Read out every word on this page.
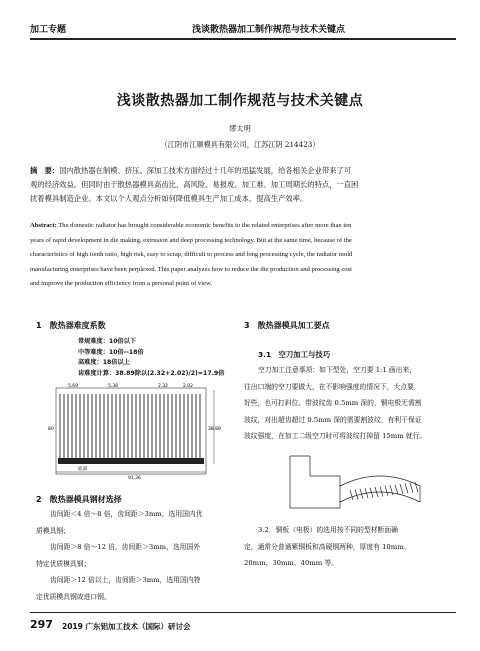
加工专题	浅谈散热器加工制作规范与技术关键点
浅谈散热器加工制作规范与技术关键点
缪太明
（江阴市江顺模具有限公司，江苏江阴 214423）
摘　要：国内散热器在制模、挤压、深加工技术方面经过十几年的迅猛发展，给各相关企业带来了可
观的经济效益。但同时由于散热器模具高齿比、高风险、易报废、加工难、加工周期长的特点，一直困
扰着模具制造企业。本文以个人观点分析如何降低模具生产加工成本，提高生产效率。
Abstract: The domestic radiator has brought considerable economic benefits to the related enterprises after more than ten
years of rapid development in die making, extrusion and deep processing technology. But at the same time, because of the
characteristics of high tooth ratio, high risk, easy to scrap, difficult to process and long processing cycle, the radiator mold
manufacturing enterprises have been perplexed. This paper analyzes how to reduce the die production and processing cost
and improve the production efficiency from a personal point of view.
1　散热器难度系数
常规难度：10倍以下
中等难度：10倍--18倍
高难度：18倍以上
齿难度计算：38.89除以(2.32+2.02)/2)=17.9倍
5.69	5.38	2.32	2.02
38.89
80
底部
91.36
2　散热器模具钢材选择
齿间距＜4 倍～8 倍，齿间距＞3mm，选用国内优
质模具钢；
齿间距＞8 倍～12 倍，齿间距＞3mm，选用国外
特定优质模具钢；
齿间距＞12 倍以上，齿间距＞3mm，选用国内特
定优质模具钢或进口钢。
3　散热器模具加工要点
3.1　空刀加工与技巧
空刀加工注意事项：如下型处，空刀要 1:1 画出来，
往出口端的空刀要做大，在不影响强度的情况下，大点要
好些，也可打斜位。带波纹齿 0.5mm 深的，铜电极无需割
波纹，对出超齿超过 0.5mm 深的需要割波纹，有利于保证
波纹强度，在加工二级空刀时可将波纹打掉留 15mm 就行。
3.2　铜板（电极）的选用按不同的型材断面确
定，通常分普通紫铜板和高硬铜两种，厚度有 10mm、
20mm、30mm、40mm 等。
297 2019 广东铝加工技术（国际）研讨会
